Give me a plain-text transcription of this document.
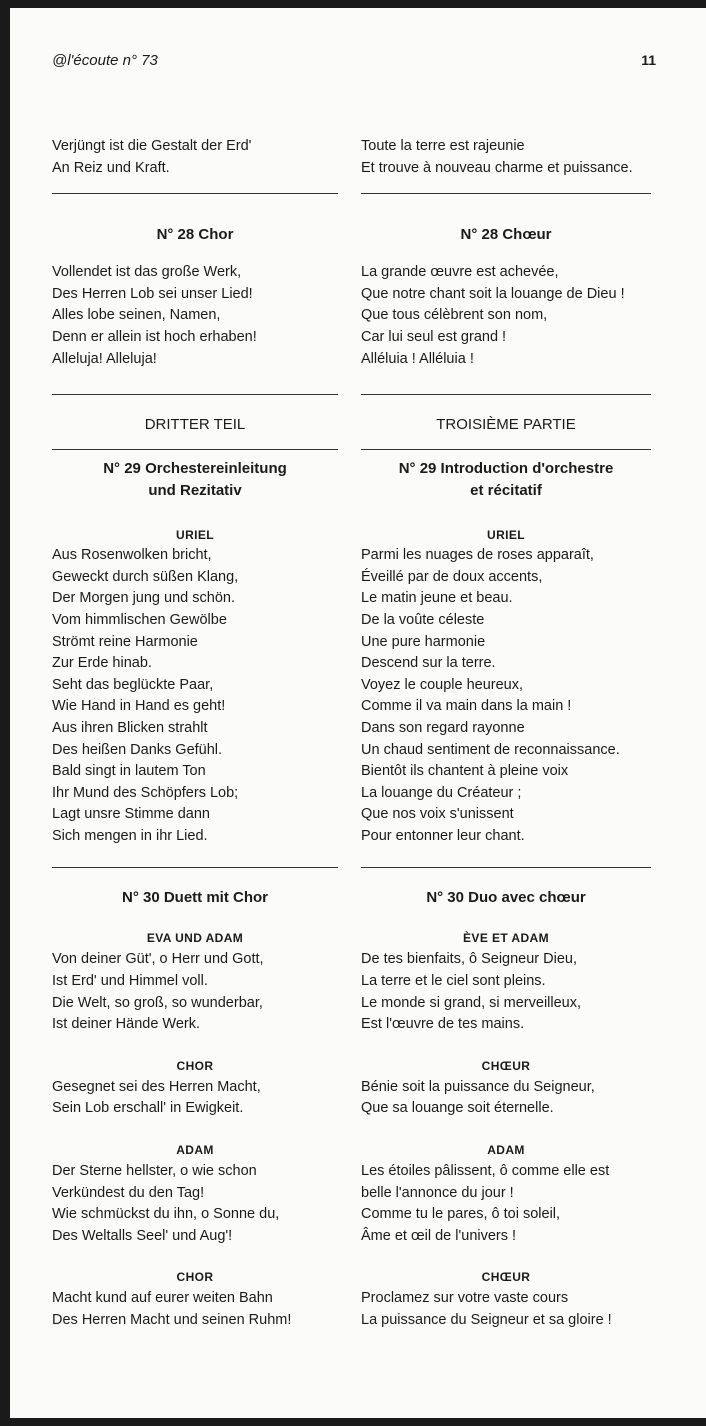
@l'écoute n° 73	11
Verjüngt ist die Gestalt der Erd'
An Reiz und Kraft.
N° 28 Chor
Vollendet ist das große Werk,
Des Herren Lob sei unser Lied!
Alles lobe seinen, Namen,
Denn er allein ist hoch erhaben!
Alleluja! Alleluja!
DRITTER TEIL
N° 29 Orchestereinleitung
und Rezitativ
URIEL
Aus Rosenwolken bricht,
Geweckt durch süßen Klang,
Der Morgen jung und schön.
Vom himmlischen Gewölbe
Strömt reine Harmonie
Zur Erde hinab.
Seht das beglückte Paar,
Wie Hand in Hand es geht!
Aus ihren Blicken strahlt
Des heißen Danks Gefühl.
Bald singt in lautem Ton
Ihr Mund des Schöpfers Lob;
Lagt unsre Stimme dann
Sich mengen in ihr Lied.
N° 30 Duett mit Chor
EVA UND ADAM
Von deiner Güt', o Herr und Gott,
Ist Erd' und Himmel voll.
Die Welt, so groß, so wunderbar,
Ist deiner Hände Werk.
CHOR
Gesegnet sei des Herren Macht,
Sein Lob erschall' in Ewigkeit.
ADAM
Der Sterne hellster, o wie schon
Verkündest du den Tag!
Wie schmückst du ihn, o Sonne du,
Des Weltalls Seel' und Aug'!
CHOR
Macht kund auf eurer weiten Bahn
Des Herren Macht und seinen Ruhm!
Toute la terre est rajeunie
Et trouve à nouveau charme et puissance.
N° 28 Chœur
La grande œuvre est achevée,
Que notre chant soit la louange de Dieu !
Que tous célèbrent son nom,
Car lui seul est grand !
Alléluia ! Alléluia !
TROISIÈME PARTIE
N° 29 Introduction d'orchestre
et récitatif
URIEL
Parmi les nuages de roses apparaît,
Éveillé par de doux accents,
Le matin jeune et beau.
De la voûte céleste
Une pure harmonie
Descend sur la terre.
Voyez le couple heureux,
Comme il va main dans la main !
Dans son regard rayonne
Un chaud sentiment de reconnaissance.
Bientôt ils chantent à pleine voix
La louange du Créateur ;
Que nos voix s'unissent
Pour entonner leur chant.
N° 30 Duo avec chœur
ÈVE ET ADAM
De tes bienfaits, ô Seigneur Dieu,
La terre et le ciel sont pleins.
Le monde si grand, si merveilleux,
Est l'œuvre de tes mains.
CHŒUR
Bénie soit la puissance du Seigneur,
Que sa louange soit éternelle.
ADAM
Les étoiles pâlissent, ô comme elle est
belle l'annonce du jour !
Comme tu le pares, ô toi soleil,
Âme et œil de l'univers !
CHŒUR
Proclamez sur votre vaste cours
La puissance du Seigneur et sa gloire !
